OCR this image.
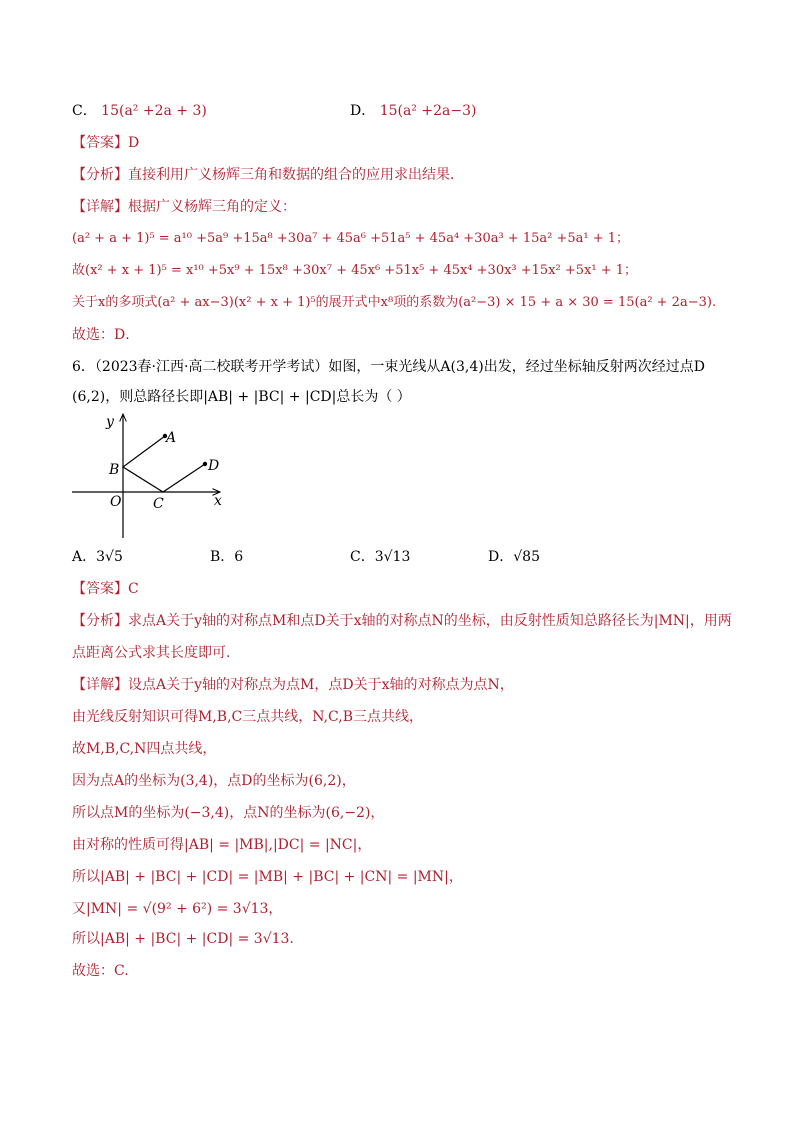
C． 15(a² +2a + 3)	D． 15(a² +2a−3)
【答案】D
【分析】直接利用广义杨辉三角和数据的组合的应用求出结果．
【详解】根据广义杨辉三角的定义：
(a² + a + 1)⁵ = a¹⁰ +5a⁹ +15a⁸ +30a⁷ + 45a⁶ +51a⁵ + 45a⁴ +30a³ + 15a² +5a¹ + 1；
故(x² + x + 1)⁵ = x¹⁰ +5x⁹ + 15x⁸ +30x⁷ + 45x⁶ +51x⁵ + 45x⁴ +30x³ +15x² +5x¹ + 1；
关于x的多项式(a² + ax−3)(x² + x + 1)⁵的展开式中x⁸项的系数为(a²−3) × 15 + a × 30 = 15(a² + 2a−3).
故选：D．
6．（2023春·江西·高二校联考开学考试）如图，一束光线从A(3,4)出发，经过坐标轴反射两次经过点D
(6,2)，则总路径长即|AB| + |BC| + |CD|总长为（ ）
y
x
O
A
B
C
D
A．3√5	B．6	C．3√13	D．√85
【答案】C
【分析】求点A关于y轴的对称点M和点D关于x轴的对称点N的坐标，由反射性质知总路径长为|MN|，用两
点距离公式求其长度即可.
【详解】设点A关于y轴的对称点为点M，点D关于x轴的对称点为点N，
由光线反射知识可得M,B,C三点共线，N,C,B三点共线，
故M,B,C,N四点共线，
因为点A的坐标为(3,4)，点D的坐标为(6,2)，
所以点M的坐标为(−3,4)，点N的坐标为(6,−2)，
由对称的性质可得|AB| = |MB|,|DC| = |NC|，
所以|AB| + |BC| + |CD| = |MB| + |BC| + |CN| = |MN|，
又|MN| = √(9² + 6²) = 3√13，
所以|AB| + |BC| + |CD| = 3√13.
故选：C.
